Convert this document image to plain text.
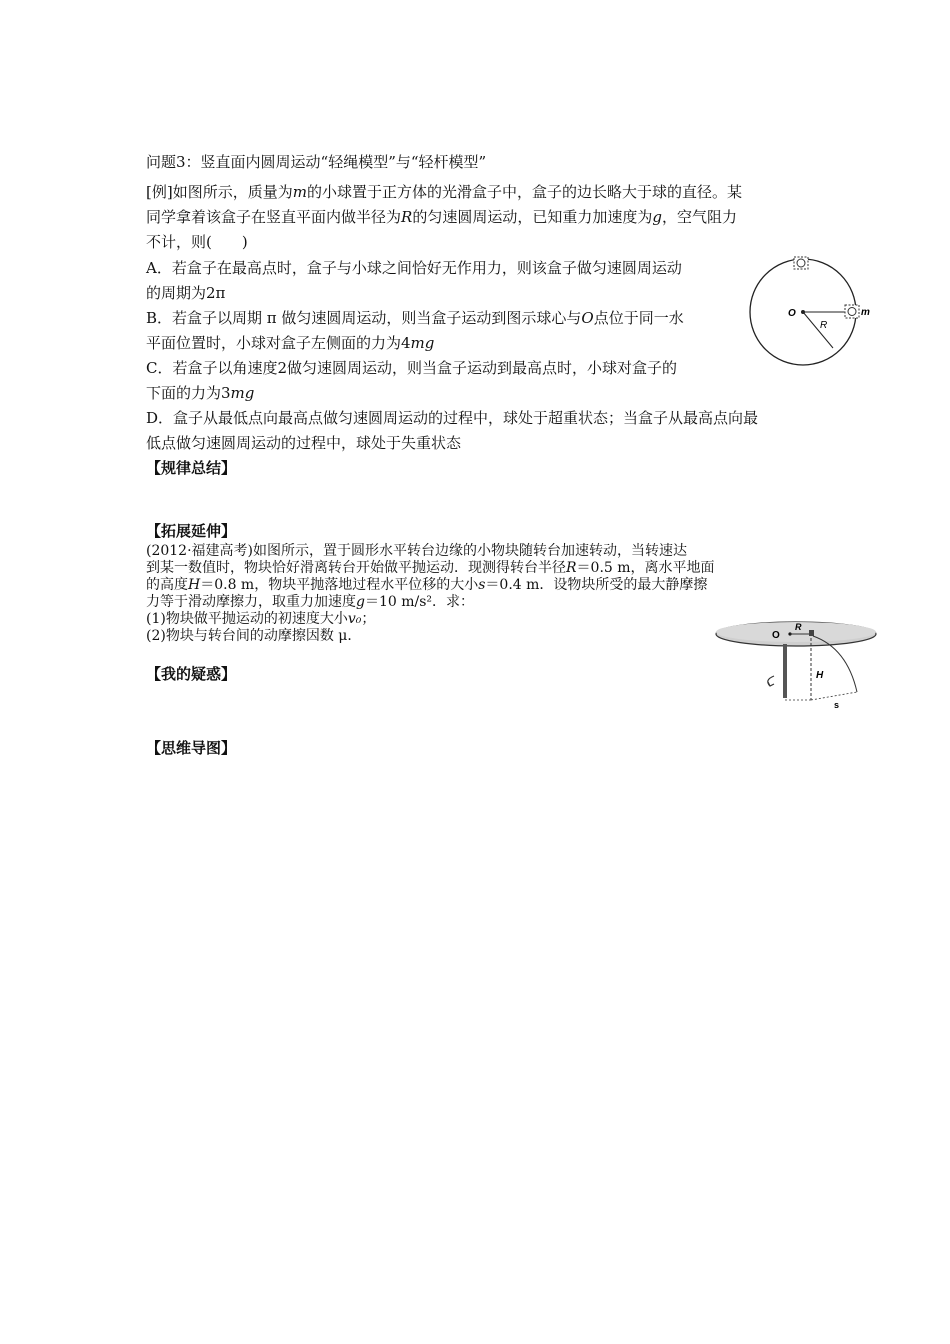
问题3：竖直面内圆周运动“轻绳模型”与“轻杆模型”
[例]如图所示，质量为m的小球置于正方体的光滑盒子中，盒子的边长略大于球的直径。某
同学拿着该盒子在竖直平面内做半径为R的匀速圆周运动，已知重力加速度为g，空气阻力
不计，则(　　)
A．若盒子在最高点时，盒子与小球之间恰好无作用力，则该盒子做匀速圆周运动
的周期为2π
B．若盒子以周期 π 做匀速圆周运动，则当盒子运动到图示球心与O点位于同一水
平面位置时，小球对盒子左侧面的力为4mg
C．若盒子以角速度2做匀速圆周运动，则当盒子运动到最高点时，小球对盒子的
下面的力为3mg
D．盒子从最低点向最高点做匀速圆周运动的过程中，球处于超重状态；当盒子从最高点向最
低点做匀速圆周运动的过程中，球处于失重状态
O
R
m
【规律总结】
【拓展延伸】
(2012·福建高考)如图所示，置于圆形水平转台边缘的小物块随转台加速转动，当转速达
到某一数值时，物块恰好滑离转台开始做平抛运动．现测得转台半径R＝0.5 m，离水平地面
的高度H＝0.8 m，物块平抛落地过程水平位移的大小s＝0.4 m．设物块所受的最大静摩擦
力等于滑动摩擦力，取重力加速度g＝10 m/s²．求：
(1)物块做平抛运动的初速度大小v₀；
(2)物块与转台间的动摩擦因数 μ．	O
R
H
s
【我的疑惑】
【思维导图】
